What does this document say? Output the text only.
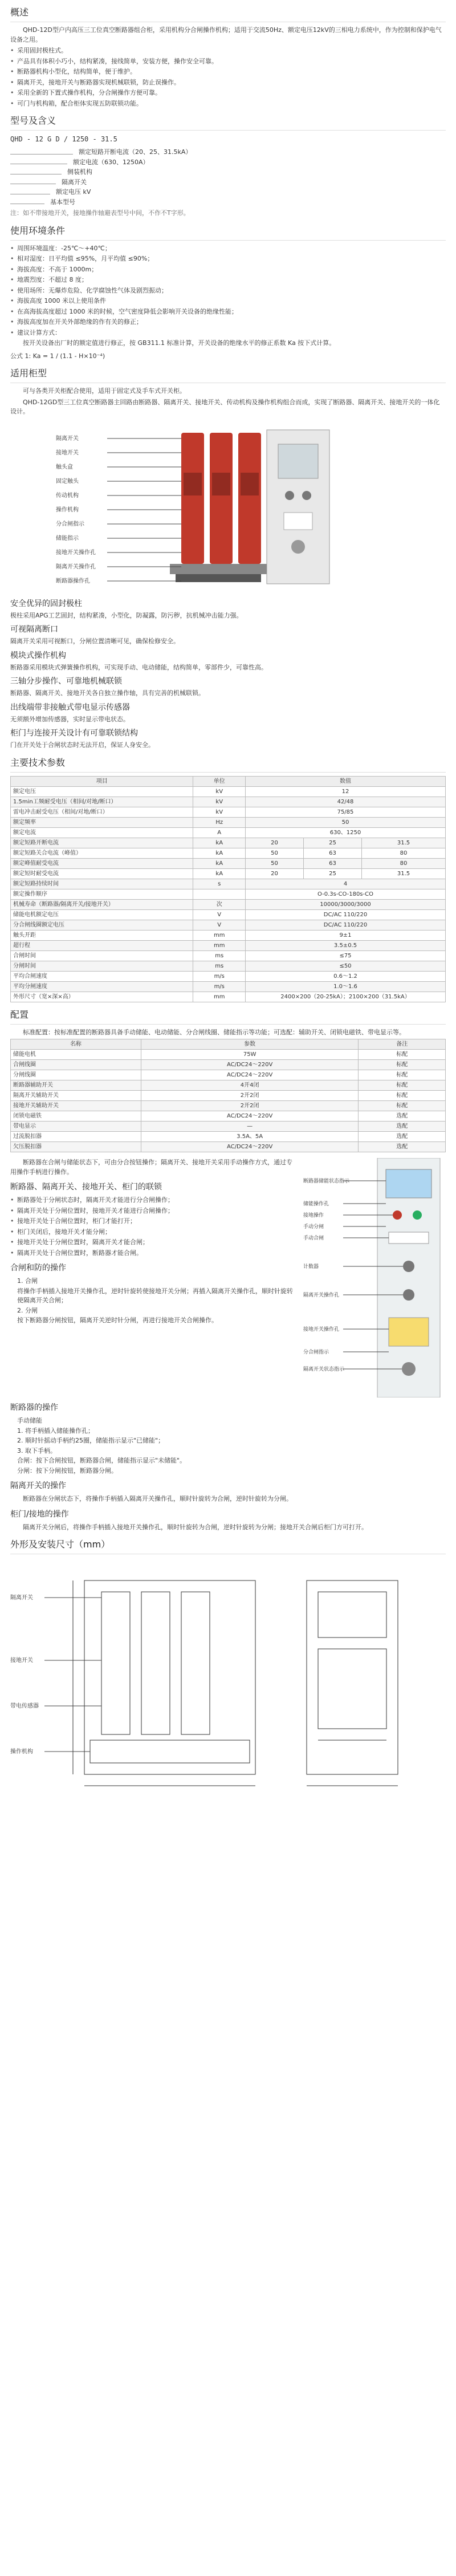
概述

QHD-12D型户内高压三工位真空断路器组合柜，采用机构分合闸操作机构；适用于交流50Hz、额定电压12kV的三相电力系统中，作为控制和保护电气设备之用。

• 采用固封极柱式。
• 产品具有体积小巧小，结构紧凑，接线简单，安装方便，操作安全可靠。
• 断路器机构小型化，结构简单，便于维护。
• 隔离开关，接地开关与断路器实现机械联锁，防止误操作。
• 采用全新的下置式操作机构，分合闸操作方便可靠。
• 可门与机构箱，配合柜体实现五防联锁功能。
型号及含义
QHD - 12 G D / 1250 - 31.5
额定短路开断电流（20、25、31.5kA）
额定电流（630、1250A）
侧装机构
隔离开关
额定电压 kV
基本型号

注：如不带接地开关，接地操作轴避表型号中间，不作不T字形。

使用环境条件
• 周围环境温度：-25℃～+40℃；
• 相对湿度：日平均值 ≤95%，月平均值 ≤90%；
• 海拔高度：不高于 1000m；
• 地震烈度：不超过 8 度；
• 使用场所：无爆炸危险、化学腐蚀性气体及剧烈振动；
• 海拔高度 1000 米以上使用条件
• 在高海拔高度超过 1000 米的时候，空气密度降低会影响开关设备的绝缘性能；
• 海拔高度加在开关外部绝缘的作有关的修正；
• 建议计算方式：

按开关设备出厂时的额定值进行修正，按 GB311.1 标准计算，开关设备的绝缘水平的修正系数 Ka 按下式计算。

公式 1: Ka = 1 / (1.1 - H×10⁻⁴)

适用柜型

可与各类开关柜配合使用，适用于固定式及手车式开关柜。

QHD-12GD型三工位真空断路器主回路由断路器、隔离开关、接地开关、传动机构及操作机构组合而成，实现了断路器、隔离开关、接地开关的一体化设计。

隔离开关
接地开关
触头盒
固定触头
传动机构
操作机构
分合闸指示
储能指示
接地开关操作孔
隔离开关操作孔
断路器操作孔
安全优异的固封极柱

极柱采用APG工艺固封，结构紧凑，小型化，防凝露，防污秽，抗机械冲击能力强。

可视隔离断口

隔离开关采用可视断口，分闸位置清晰可见，确保检修安全。

模块式操作机构

断路器采用模块式弹簧操作机构，可实现手动、电动储能，结构简单，零部件少，可靠性高。

三轴分步操作、可靠地机械联锁

断路器、隔离开关、接地开关各自独立操作轴，具有完善的机械联锁。

出线端带非接触式带电显示传感器

无须额外增加传感器，实时显示带电状态。

柜门与连接开关设计有可靠联锁结构

门在开关处于合闸状态时无法开启，保证人身安全。

主要技术参数
项目	单位	数值		
额定电压	kV	12		
1.5min工频耐受电压（相间/对地/断口）	kV	42/48		
雷电冲击耐受电压（相间/对地/断口）	kV	75/85		
额定频率	Hz	50		
额定电流	A	630、1250		
额定短路开断电流	kA	20	25	31.5
额定短路关合电流（峰值）	kA	50	63	80
额定峰值耐受电流	kA	50	63	80
额定短时耐受电流	kA	20	25	31.5
额定短路持续时间	s	4		
额定操作顺序		O-0.3s-CO-180s-CO		
机械寿命（断路器/隔离开关/接地开关）	次	10000/3000/3000		
储能电机额定电压	V	DC/AC 110/220		
分合闸线圈额定电压	V	DC/AC 110/220		
触头开距	mm	9±1		
超行程	mm	3.5±0.5		
合闸时间	ms	≤75		
分闸时间	ms	≤50		
平均合闸速度	m/s	0.6～1.2		
平均分闸速度	m/s	1.0～1.6		
外形尺寸（宽×深×高）	mm	2400×200（20-25kA）；2100×200（31.5kA）		
配置

标准配置：按标准配置的断路器具备手动储能、电动储能、分合闸线圈、储能指示等功能；可选配：辅助开关、闭锁电磁铁、带电显示等。

名称	参数	备注
储能电机	75W	标配
合闸线圈	AC/DC24～220V	标配
分闸线圈	AC/DC24～220V	标配
断路器辅助开关	4开4闭	标配
隔离开关辅助开关	2开2闭	标配
接地开关辅助开关	2开2闭	标配
闭锁电磁铁	AC/DC24～220V	选配
带电显示	—	选配
过流脱扣器	3.5A、5A	选配
欠压脱扣器	AC/DC24～220V	选配

断路器在合闸与储能状态下，可由分合按钮操作；隔离开关、接地开关采用手动操作方式，通过专用操作手柄进行操作。

断路器、隔离开关、接地开关、柜门的联锁
• 断路器处于分闸状态时，隔离开关才能进行分合闸操作；
• 隔离开关处于分闸位置时，接地开关才能进行合闸操作；
• 接地开关处于合闸位置时，柜门才能打开；
• 柜门关闭后，接地开关才能分闸；
• 接地开关处于分闸位置时，隔离开关才能合闸；
• 隔离开关处于合闸位置时，断路器才能合闸。
合闸和防的操作
1. 合闸
将操作手柄插入接地开关操作孔，逆时针旋转使接地开关分闸；再插入隔离开关操作孔，顺时针旋转使隔离开关合闸；
2. 分闸
按下断路器分闸按钮，隔离开关逆时针分闸，再进行接地开关合闸操作。
断路器储能状态指示
储能操作孔
接地操作
手动分闸
手动合闸
计数器
隔离开关操作孔
接地开关操作孔
分合闸指示
隔离开关状态指示
断路器的操作
手动储能
1. 将手柄插入储能操作孔；
2. 顺时针摇动手柄约25圈，储能指示显示"已储能"；
3. 取下手柄。
合闸：按下合闸按钮，断路器合闸，储能指示显示"未储能"。
分闸：按下分闸按钮，断路器分闸。
隔离开关的操作

断路器在分闸状态下，将操作手柄插入隔离开关操作孔，顺时针旋转为合闸，逆时针旋转为分闸。

柜门/接地的操作

隔离开关分闸后，将操作手柄插入接地开关操作孔，顺时针旋转为合闸，逆时针旋转为分闸；接地开关合闸后柜门方可打开。

外形及安装尺寸（mm）
隔离开关
接地开关
带电传感器
操作机构
